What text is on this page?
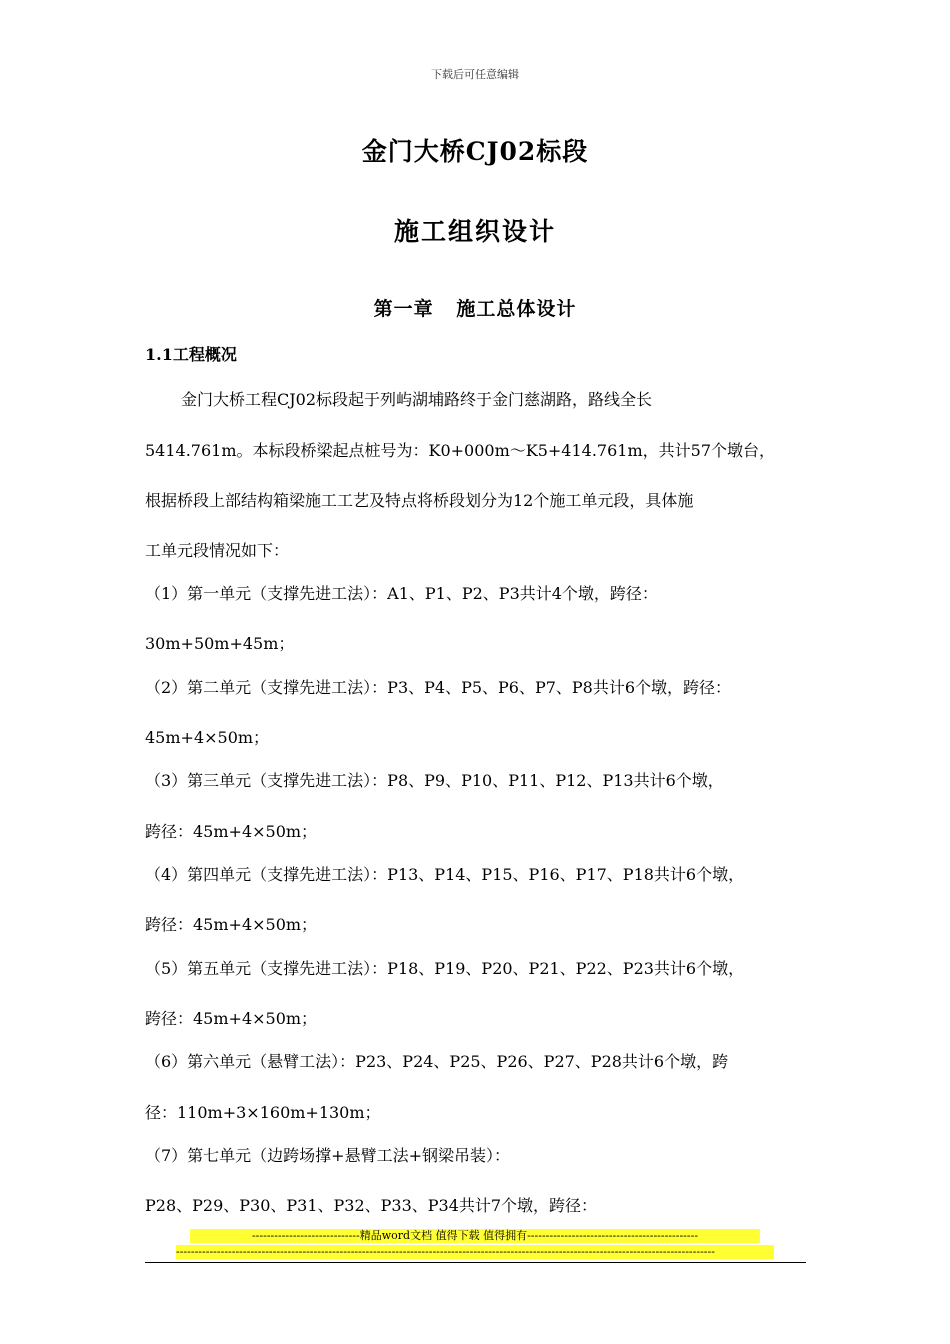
下载后可任意编辑
金门大桥CJ02标段
施工组织设计
第一章   施工总体设计
1.1工程概况
金门大桥工程CJ02标段起于列屿湖埔路终于金门慈湖路，路线全长
5414.761m。本标段桥梁起点桩号为：K0+000m～K5+414.761m，共计57个墩台，
根据桥段上部结构箱梁施工工艺及特点将桥段划分为12个施工单元段，具体施
工单元段情况如下：
（1）第一单元（支撑先进工法）：A1、P1、P2、P3共计4个墩，跨径：
30m+50m+45m；
（2）第二单元（支撑先进工法）：P3、P4、P5、P6、P7、P8共计6个墩，跨径：
45m+4×50m；
（3）第三单元（支撑先进工法）：P8、P9、P10、P11、P12、P13共计6个墩，
跨径：45m+4×50m；
（4）第四单元（支撑先进工法）：P13、P14、P15、P16、P17、P18共计6个墩，
跨径：45m+4×50m；
（5）第五单元（支撑先进工法）：P18、P19、P20、P21、P22、P23共计6个墩，
跨径：45m+4×50m；
（6）第六单元（悬臂工法）：P23、P24、P25、P26、P27、P28共计6个墩，跨
径：110m+3×160m+130m；
（7）第七单元（边跨场撑+悬臂工法+钢梁吊装）：
P28、P29、P30、P31、P32、P33、P34共计7个墩，跨径：
-----------------------------精品word文档 值得下载 值得拥有----------------------------------------------
-------------------------------------------------------------------------------------------------------------------------------------------------
